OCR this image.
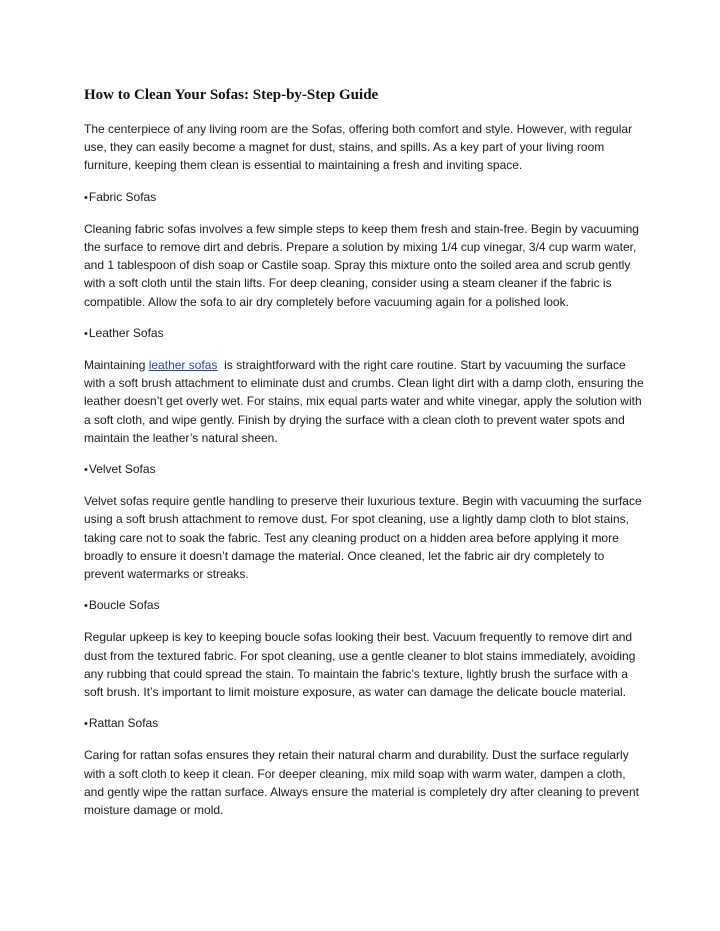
How to Clean Your Sofas: Step-by-Step Guide

The centerpiece of any living room are the Sofas, offering both comfort and style. However, with regular use, they can easily become a magnet for dust, stains, and spills. As a key part of your living room furniture, keeping them clean is essential to maintaining a fresh and inviting space.

• Fabric Sofas

Cleaning fabric sofas involves a few simple steps to keep them fresh and stain-free. Begin by vacuuming the surface to remove dirt and debris. Prepare a solution by mixing 1/4 cup vinegar, 3/4 cup warm water, and 1 tablespoon of dish soap or Castile soap. Spray this mixture onto the soiled area and scrub gently with a soft cloth until the stain lifts. For deep cleaning, consider using a steam cleaner if the fabric is compatible. Allow the sofa to air dry completely before vacuuming again for a polished look.

• Leather Sofas

Maintaining leather sofas  is straightforward with the right care routine. Start by vacuuming the surface with a soft brush attachment to eliminate dust and crumbs. Clean light dirt with a damp cloth, ensuring the leather doesn’t get overly wet. For stains, mix equal parts water and white vinegar, apply the solution with a soft cloth, and wipe gently. Finish by drying the surface with a clean cloth to prevent water spots and maintain the leather’s natural sheen.

• Velvet Sofas

Velvet sofas require gentle handling to preserve their luxurious texture. Begin with vacuuming the surface using a soft brush attachment to remove dust. For spot cleaning, use a lightly damp cloth to blot stains, taking care not to soak the fabric. Test any cleaning product on a hidden area before applying it more broadly to ensure it doesn’t damage the material. Once cleaned, let the fabric air dry completely to prevent watermarks or streaks.

• Boucle Sofas

Regular upkeep is key to keeping boucle sofas looking their best. Vacuum frequently to remove dirt and dust from the textured fabric. For spot cleaning, use a gentle cleaner to blot stains immediately, avoiding any rubbing that could spread the stain. To maintain the fabric’s texture, lightly brush the surface with a soft brush. It’s important to limit moisture exposure, as water can damage the delicate boucle material.

• Rattan Sofas

Caring for rattan sofas ensures they retain their natural charm and durability. Dust the surface regularly with a soft cloth to keep it clean. For deeper cleaning, mix mild soap with warm water, dampen a cloth, and gently wipe the rattan surface. Always ensure the material is completely dry after cleaning to prevent moisture damage or mold.
